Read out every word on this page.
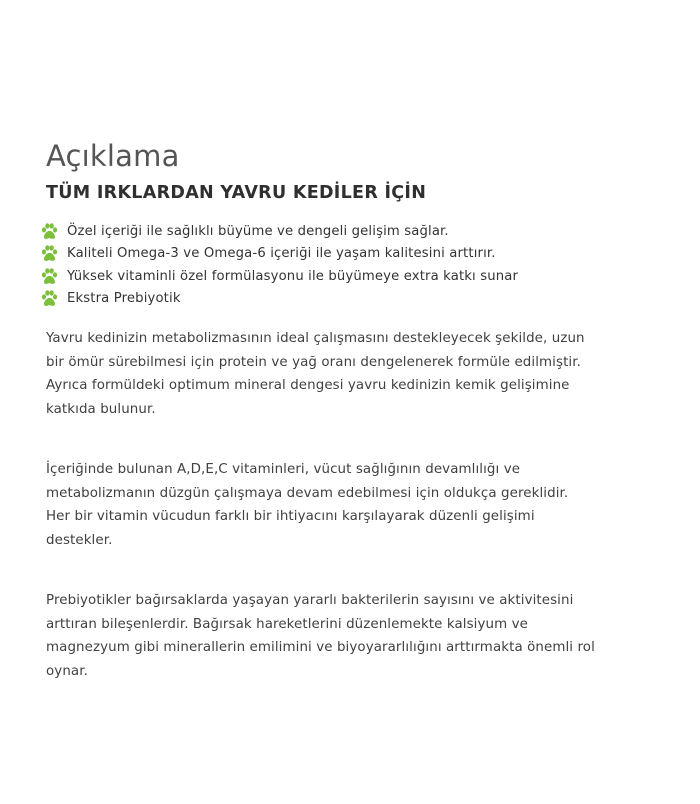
Açıklama
TÜM IRKLARDAN YAVRU KEDİLER İÇİN
Özel içeriği ile sağlıklı büyüme ve dengeli gelişim sağlar.
Kaliteli Omega-3 ve Omega-6 içeriği ile yaşam kalitesini arttırır.
Yüksek vitaminli özel formülasyonu ile büyümeye extra katkı sunar
Ekstra Prebiyotik

Yavru kedinizin metabolizmasının ideal çalışmasını destekleyecek şekilde, uzun
bir ömür sürebilmesi için protein ve yağ oranı dengelenerek formüle edilmiştir.
Ayrıca formüldeki optimum mineral dengesi yavru kedinizin kemik gelişimine
katkıda bulunur.

İçeriğinde bulunan A,D,E,C vitaminleri, vücut sağlığının devamlılığı ve
metabolizmanın düzgün çalışmaya devam edebilmesi için oldukça gereklidir.
Her bir vitamin vücudun farklı bir ihtiyacını karşılayarak düzenli gelişimi
destekler.

Prebiyotikler bağırsaklarda yaşayan yararlı bakterilerin sayısını ve aktivitesini
arttıran bileşenlerdir. Bağırsak hareketlerini düzenlemekte kalsiyum ve
magnezyum gibi minerallerin emilimini ve biyoyararlılığını arttırmakta önemli rol
oynar.
